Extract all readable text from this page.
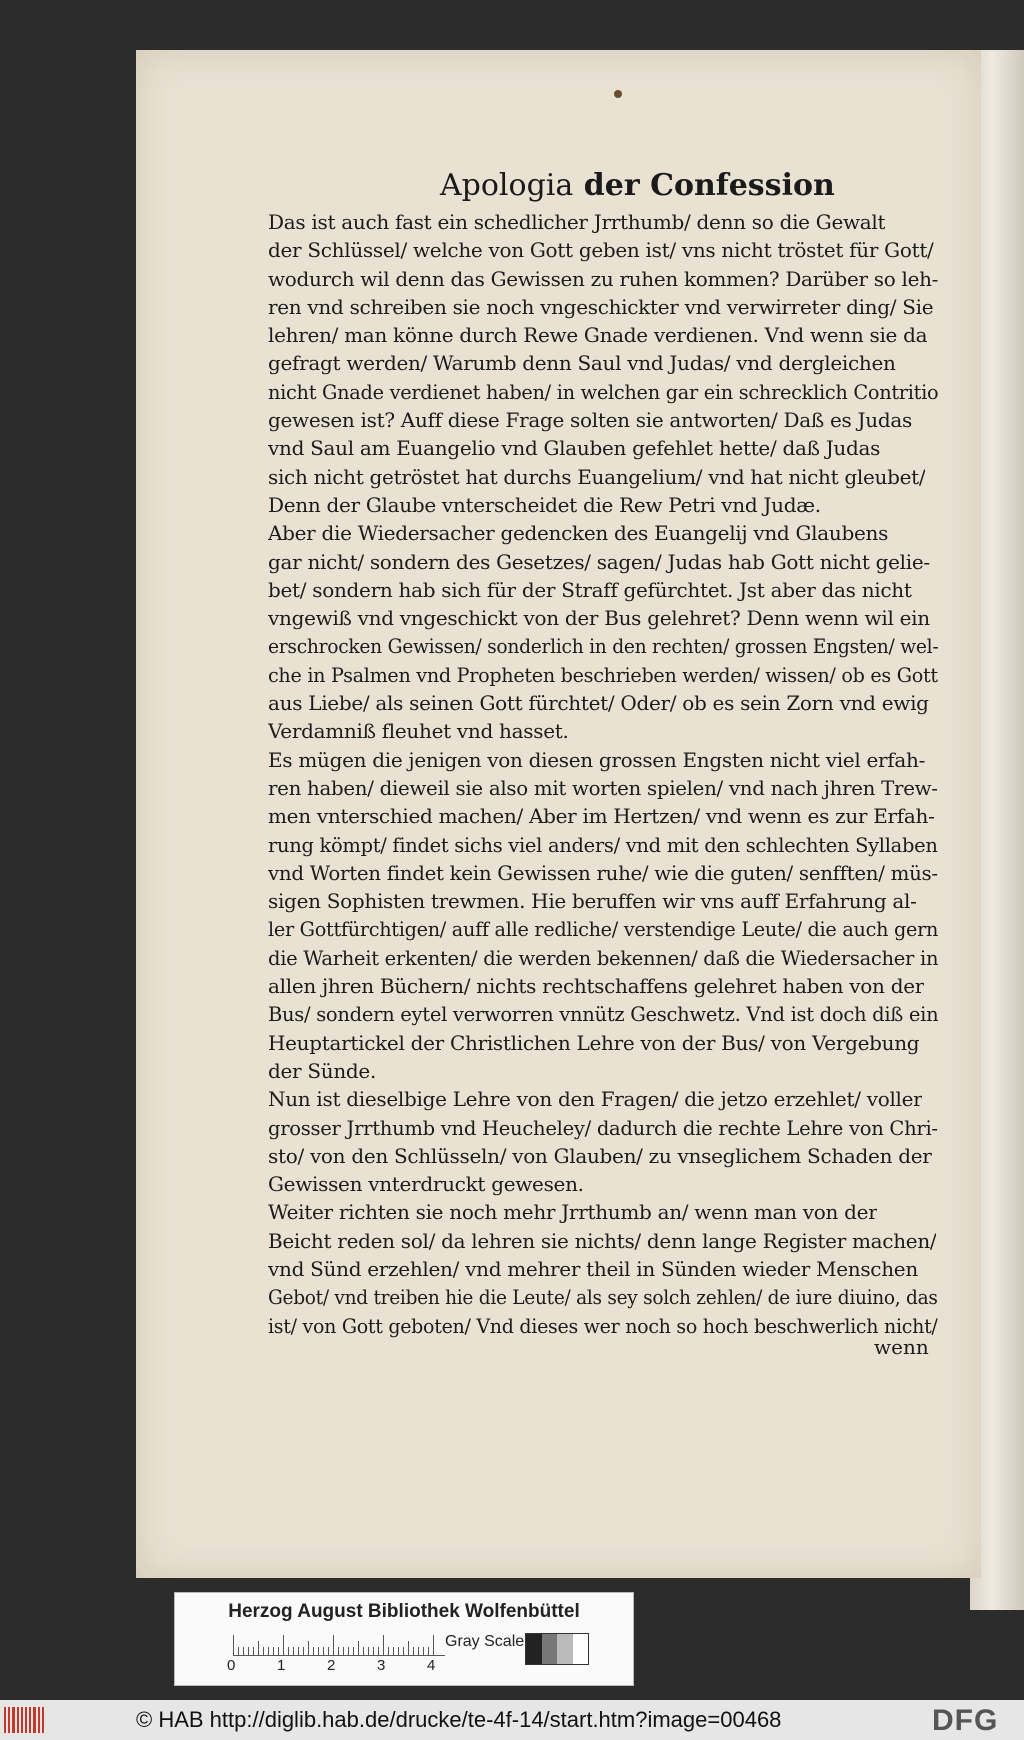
Apologia der Confession
Das ist auch fast ein schedlicher Jrrthumb/ denn so die Gewalt
der Schlüssel/ welche von Gott geben ist/ vns nicht tröstet für Gott/
wodurch wil denn das Gewissen zu ruhen kommen? Darüber so leh-
ren vnd schreiben sie noch vngeschickter vnd verwirreter ding/ Sie
lehren/ man könne durch Rewe Gnade verdienen. Vnd wenn sie da
gefragt werden/ Warumb denn Saul vnd Judas/ vnd dergleichen
nicht Gnade verdienet haben/ in welchen gar ein schrecklich Contritio
gewesen ist? Auff diese Frage solten sie antworten/ Daß es Judas
vnd Saul am Euangelio vnd Glauben gefehlet hette/ daß Judas
sich nicht getröstet hat durchs Euangelium/ vnd hat nicht gleubet/
Denn der Glaube vnterscheidet die Rew Petri vnd Judæ.
Aber die Wiedersacher gedencken des Euangelij vnd Glaubens
gar nicht/ sondern des Gesetzes/ sagen/ Judas hab Gott nicht gelie-
bet/ sondern hab sich für der Straff gefürchtet. Jst aber das nicht
vngewiß vnd vngeschickt von der Bus gelehret? Denn wenn wil ein
erschrocken Gewissen/ sonderlich in den rechten/ grossen Engsten/ wel-
che in Psalmen vnd Propheten beschrieben werden/ wissen/ ob es Gott
aus Liebe/ als seinen Gott fürchtet/ Oder/ ob es sein Zorn vnd ewig
Verdamniß fleuhet vnd hasset.
Es mügen die jenigen von diesen grossen Engsten nicht viel erfah-
ren haben/ dieweil sie also mit worten spielen/ vnd nach jhren Trew-
men vnterschied machen/ Aber im Hertzen/ vnd wenn es zur Erfah-
rung kömpt/ findet sichs viel anders/ vnd mit den schlechten Syllaben
vnd Worten findet kein Gewissen ruhe/ wie die guten/ senfften/ müs-
sigen Sophisten trewmen. Hie beruffen wir vns auff Erfahrung al-
ler Gottfürchtigen/ auff alle redliche/ verstendige Leute/ die auch gern
die Warheit erkenten/ die werden bekennen/ daß die Wiedersacher in
allen jhren Büchern/ nichts rechtschaffens gelehret haben von der
Bus/ sondern eytel verworren vnnütz Geschwetz. Vnd ist doch diß ein
Heuptartickel der Christlichen Lehre von der Bus/ von Vergebung
der Sünde.
Nun ist dieselbige Lehre von den Fragen/ die jetzo erzehlet/ voller
grosser Jrrthumb vnd Heucheley/ dadurch die rechte Lehre von Chri-
sto/ von den Schlüsseln/ von Glauben/ zu vnseglichem Schaden der
Gewissen vnterdruckt gewesen.
Weiter richten sie noch mehr Jrrthumb an/ wenn man von der
Beicht reden sol/ da lehren sie nichts/ denn lange Register machen/
vnd Sünd erzehlen/ vnd mehrer theil in Sünden wieder Menschen
Gebot/ vnd treiben hie die Leute/ als sey solch zehlen/ de iure diuino, das
ist/ von Gott geboten/ Vnd dieses wer noch so hoch beschwerlich nicht/
wenn
Herzog August Bibliothek Wolfenbüttel
0	1	2	3	4
Gray Scale
© HAB http://diglib.hab.de/drucke/te-4f-14/start.htm?image=00468	DFG
